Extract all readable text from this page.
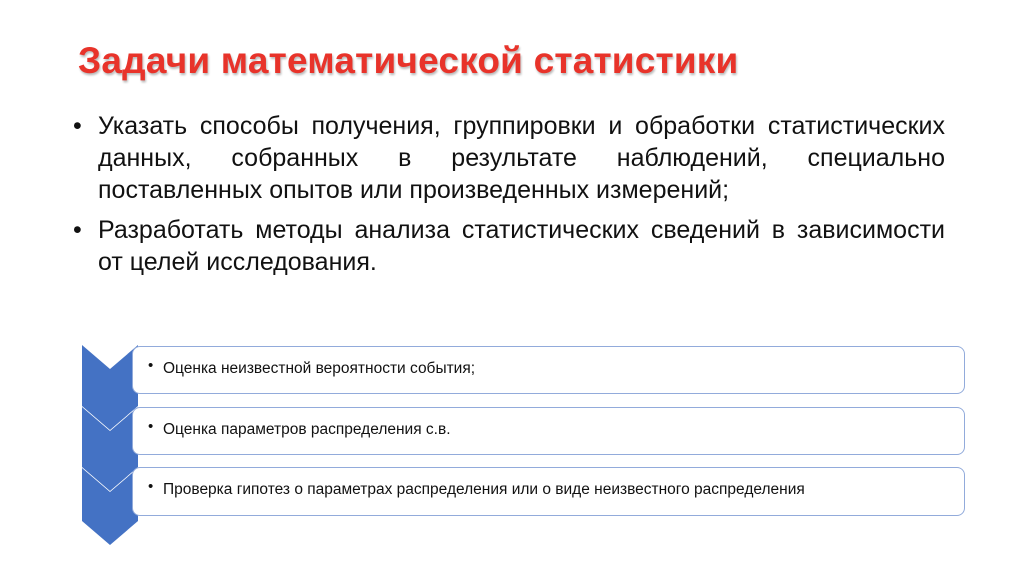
Задачи математической статистики
• Указать способы получения, группировки и обработки статистических данных, собранных в результате наблюдений, специально поставленных опытов или произведенных измерений;

• Разработать методы анализа статистических сведений в зависимости от целей исследования.

• Оценка неизвестной вероятности события;
• Оценка параметров распределения с.в.
• Проверка гипотез о параметрах распределения или о виде неизвестного распределения
